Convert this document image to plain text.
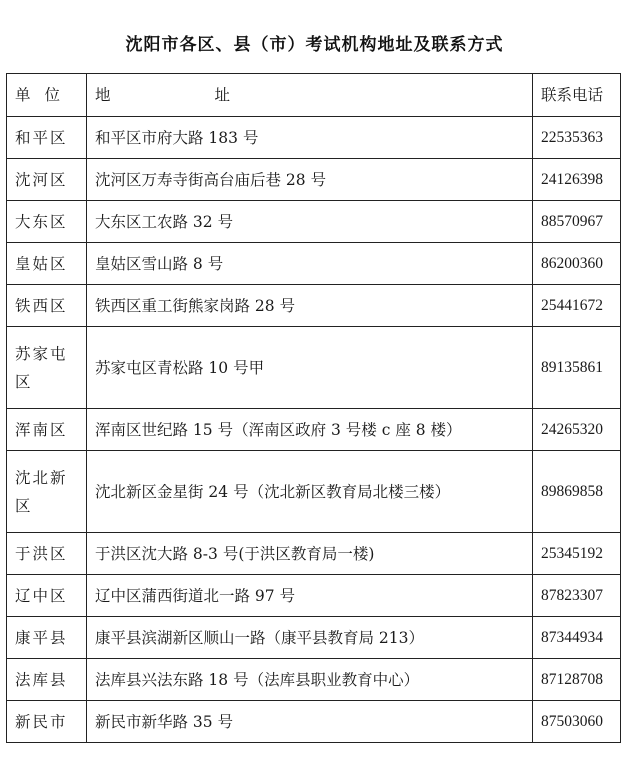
沈阳市各区、县（市）考试机构地址及联系方式
单位	地 址	联系电话
和平区	和平区市府大路 183 号	22535363
沈河区	沈河区万寿寺街高台庙后巷 28 号	24126398
大东区	大东区工农路 32 号	88570967
皇姑区	皇姑区雪山路 8 号	86200360
铁西区	铁西区重工街熊家岗路 28 号	25441672
苏家屯区	苏家屯区青松路 10 号甲	89135861
浑南区	浑南区世纪路 15 号（浑南区政府 3 号楼 c 座 8 楼）	24265320
沈北新区	沈北新区金星街 24 号（沈北新区教育局北楼三楼）	89869858
于洪区	于洪区沈大路 8-3 号(于洪区教育局一楼)	25345192
辽中区	辽中区蒲西街道北一路 97 号	87823307
康平县	康平县滨湖新区顺山一路（康平县教育局 213）	87344934
法库县	法库县兴法东路 18 号（法库县职业教育中心）	87128708
新民市	新民市新华路 35 号	87503060
